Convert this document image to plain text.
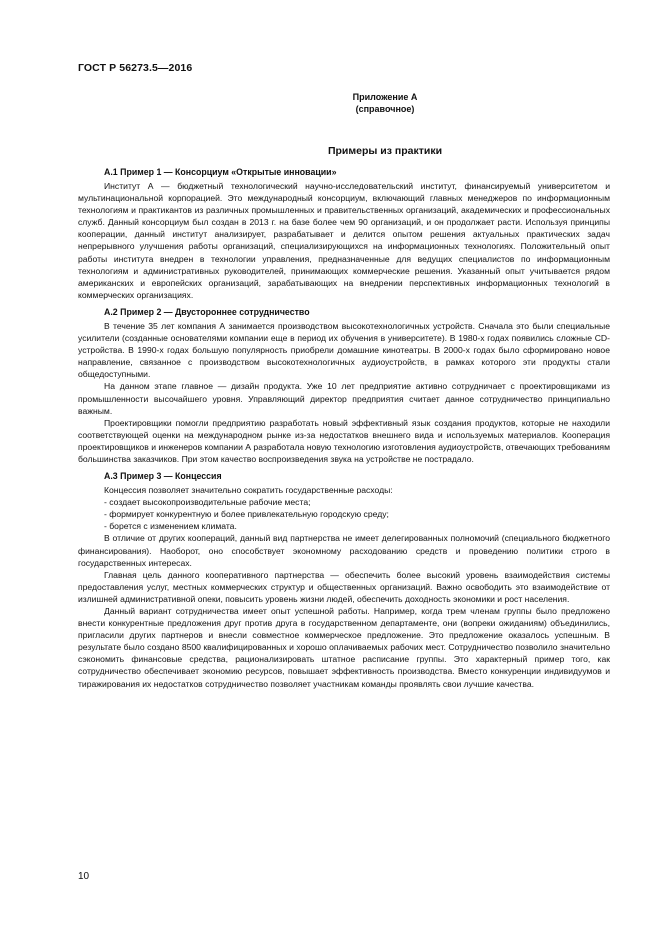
ГОСТ Р 56273.5—2016
Приложение А
(справочное)
Примеры из практики
А.1 Пример 1 — Консорциум «Открытые инновации»

Институт А — бюджетный технологический научно-исследовательский институт, финансируемый университетом и мультинациональной корпорацией. Это международный консорциум, включающий главных менеджеров по информационным технологиям и практикантов из различных промышленных и правительственных организаций, академических и профессиональных служб. Данный консорциум был создан в 2013 г. на базе более чем 90 организаций, и он продолжает расти. Используя принципы кооперации, данный институт анализирует, разрабатывает и делится опытом решения актуальных практических задач непрерывного улучшения работы организаций, специализирующихся на информационных технологиях. Положительный опыт работы института внедрен в технологии управления, предназначенные для ведущих специалистов по информационным технологиям и административных руководителей, принимающих коммерческие решения. Указанный опыт учитывается рядом американских и европейских организаций, зарабатывающих на внедрении перспективных информационных технологий в коммерческих организациях.

А.2 Пример 2 — Двустороннее сотрудничество

В течение 35 лет компания А занимается производством высокотехнологичных устройств. Сначала это были специальные усилители (созданные основателями компании еще в период их обучения в университете). В 1980-х годах появились сложные CD-устройства. В 1990-х годах большую популярность приобрели домашние кинотеатры. В 2000-х годах было сформировано новое направление, связанное с производством высокотехнологичных аудиоустройств, в рамках которого эти продукты стали общедоступными.

На данном этапе главное — дизайн продукта. Уже 10 лет предприятие активно сотрудничает с проектировщиками из промышленности высочайшего уровня. Управляющий директор предприятия считает данное сотрудничество принципиально важным.

Проектировщики помогли предприятию разработать новый эффективный язык создания продуктов, которые не находили соответствующей оценки на международном рынке из-за недостатков внешнего вида и используемых материалов. Кооперация проектировщиков и инженеров компании А разработала новую технологию изготовления аудиоустройств, отвечающих требованиям большинства заказчиков. При этом качество воспроизведения звука на устройстве не пострадало.

А.3 Пример 3 — Концессия

Концессия позволяет значительно сократить государственные расходы:

- создает высокопроизводительные рабочие места;
- формирует конкурентную и более привлекательную городскую среду;
- борется с изменением климата.

В отличие от других коопераций, данный вид партнерства не имеет делегированных полномочий (специального бюджетного финансирования). Наоборот, оно способствует экономному расходованию средств и проведению политики строго в государственных интересах.

Главная цель данного кооперативного партнерства — обеспечить более высокий уровень взаимодействия системы предоставления услуг, местных коммерческих структур и общественных организаций. Важно освободить это взаимодействие от излишней административной опеки, повысить уровень жизни людей, обеспечить доходность экономики и рост населения.

Данный вариант сотрудничества имеет опыт успешной работы. Например, когда трем членам группы было предложено внести конкурентные предложения друг против друга в государственном департаменте, они (вопреки ожиданиям) объединились, пригласили других партнеров и внесли совместное коммерческое предложение. Это предложение оказалось успешным. В результате было создано 8500 квалифицированных и хорошо оплачиваемых рабочих мест. Сотрудничество позволило значительно сэкономить финансовые средства, рационализировать штатное расписание группы. Это характерный пример того, как сотрудничество обеспечивает экономию ресурсов, повышает эффективность производства. Вместо конкуренции индивидуумов и тиражирования их недостатков сотрудничество позволяет участникам команды проявлять свои лучшие качества.

10
